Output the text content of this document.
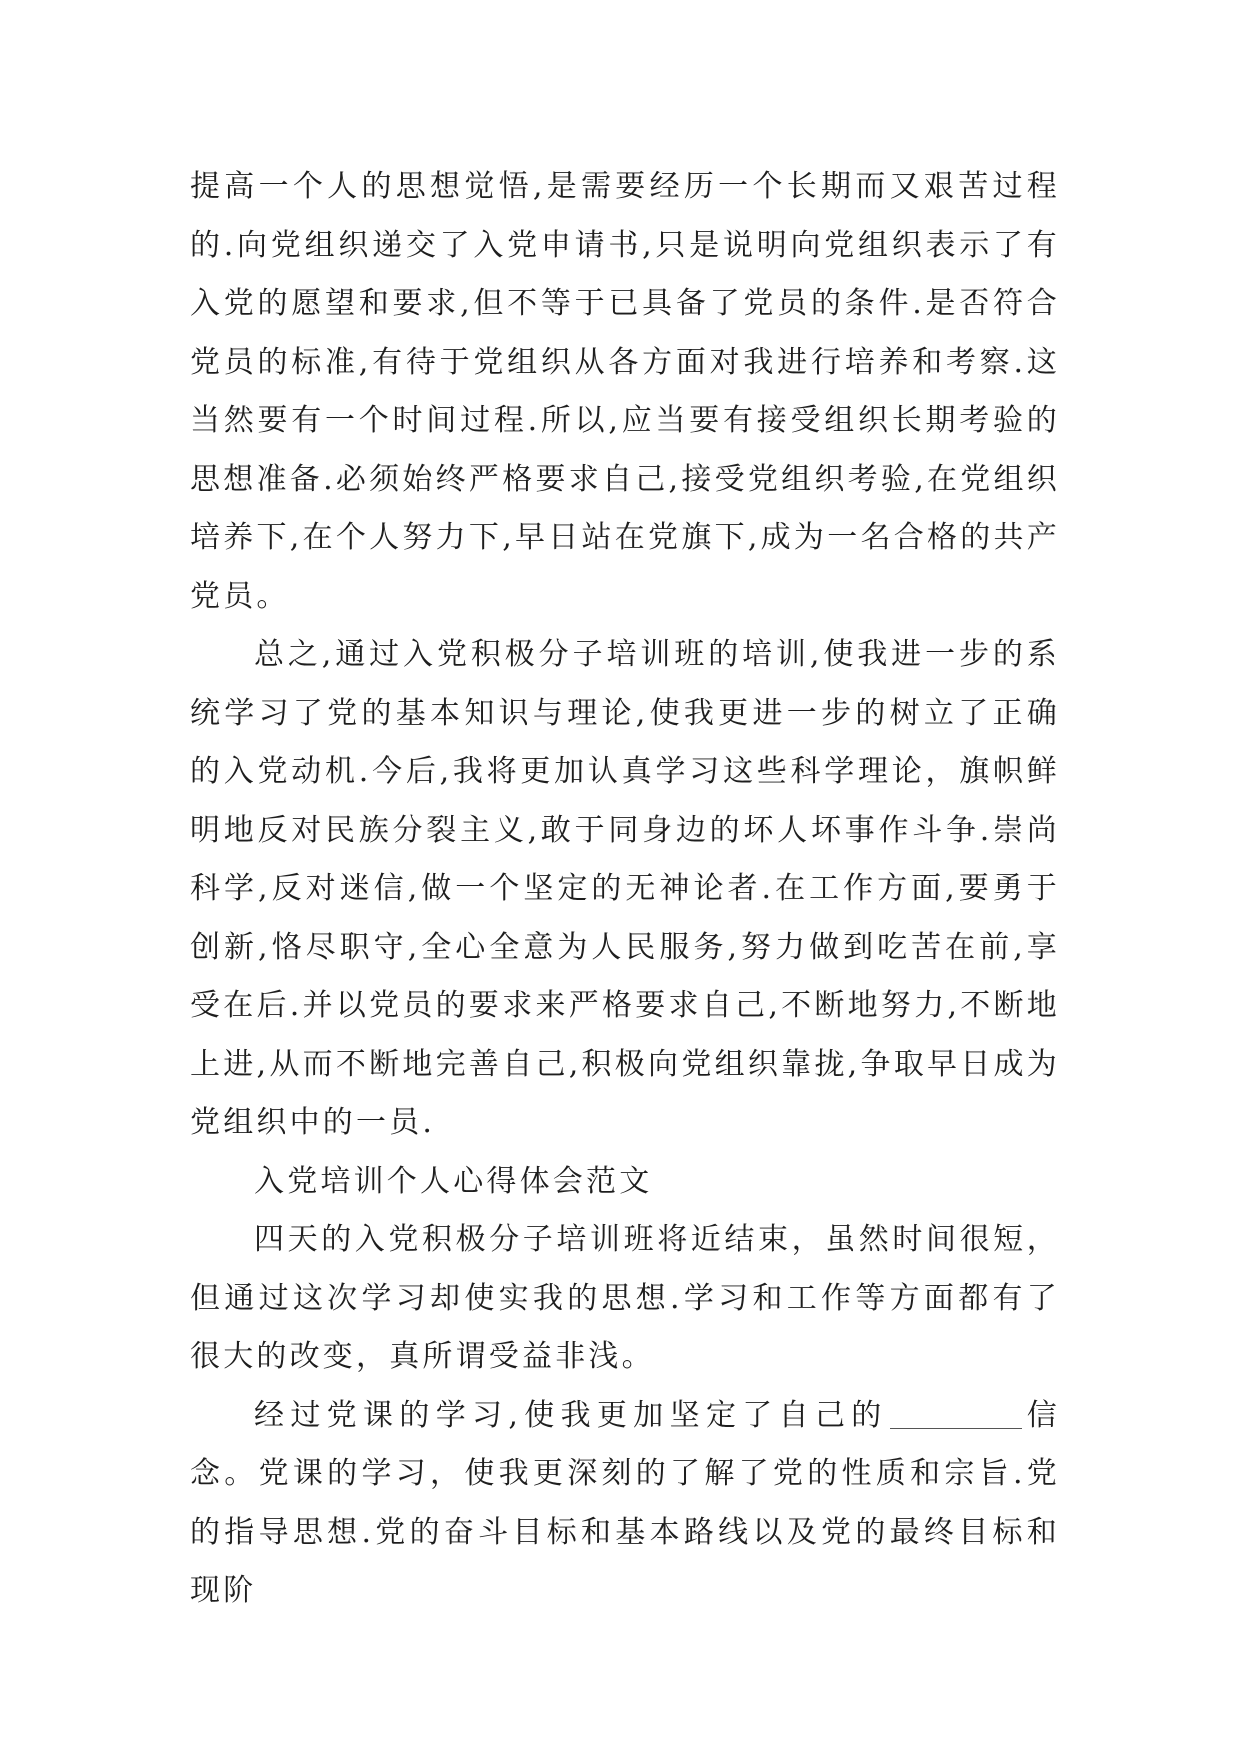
提高一个人的思想觉悟,是需要经历一个长期而又艰苦过程的.向党组织递交了入党申请书,只是说明向党组织表示了有入党的愿望和要求,但不等于已具备了党员的条件.是否符合党员的标准,有待于党组织从各方面对我进行培养和考察.这当然要有一个时间过程.所以,应当要有接受组织长期考验的思想准备.必须始终严格要求自己,接受党组织考验,在党组织培养下,在个人努力下,早日站在党旗下,成为一名合格的共产党员。

总之,通过入党积极分子培训班的培训,使我进一步的系统学习了党的基本知识与理论,使我更进一步的树立了正确的入党动机.今后,我将更加认真学习这些科学理论，旗帜鲜明地反对民族分裂主义,敢于同身边的坏人坏事作斗争.崇尚科学,反对迷信,做一个坚定的无神论者.在工作方面,要勇于创新,恪尽职守,全心全意为人民服务,努力做到吃苦在前,享受在后.并以党员的要求来严格要求自己,不断地努力,不断地上进,从而不断地完善自己,积极向党组织靠拢,争取早日成为党组织中的一员.

入党培训个人心得体会范文

四天的入党积极分子培训班将近结束，虽然时间很短，但通过这次学习却使实我的思想.学习和工作等方面都有了很大的改变，真所谓受益非浅。

经过党课的学习,使我更加坚定了自己的	信念。党课的学习，使我更深刻的了解了党的性质和宗旨.党的指导思想.党的奋斗目标和基本路线以及党的最终目标和现阶
